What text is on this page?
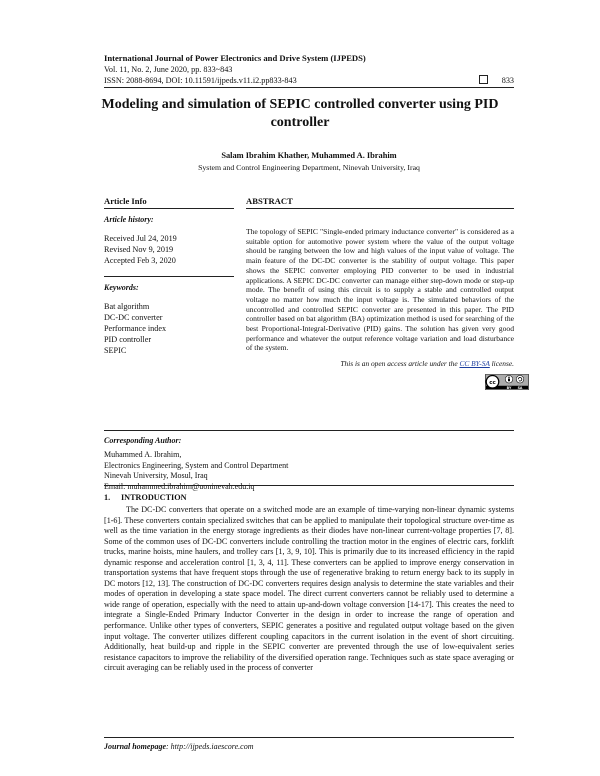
International Journal of Power Electronics and Drive System (IJPEDS)
Vol. 11, No. 2, June 2020, pp. 833~843
ISSN: 2088-8694, DOI: 10.11591/ijpeds.v11.i2.pp833-843	833
Modeling and simulation of SEPIC controlled converter using PID controller
Salam Ibrahim Khather, Muhammed A. Ibrahim
System and Control Engineering Department, Ninevah University, Iraq
Article Info
Article history:
Received Jul 24, 2019
Revised Nov 9, 2019
Accepted Feb 3, 2020
Keywords:
Bat algorithm
DC-DC converter
Performance index
PID controller
SEPIC
ABSTRACT
The topology of SEPIC "Single-ended primary inductance converter" is considered as a suitable option for automotive power system where the value of the output voltage should be ranging between the low and high values of the input value of voltage. The main feature of the DC-DC converter is the stability of output voltage. This paper shows the SEPIC converter employing PID converter to be used in industrial applications. A SEPIC DC-DC converter can manage either step-down mode or step-up mode. The benefit of using this circuit is to supply a stable and controlled output voltage no matter how much the input voltage is. The simulated behaviors of the uncontrolled and controlled SEPIC converter are presented in this paper. The PID controller based on bat algorithm (BA) optimization method is used for searching of the best Proportional-Integral-Derivative (PID) gains. The solution has given very good performance and whatever the output reference voltage variation and load disturbance of the system.
This is an open access article under the CC BY-SA license.
cc
BY SA
Corresponding Author:
Muhammed A. Ibrahim,
Electronics Engineering, System and Control Department
Ninevah University, Mosul, Iraq
Email: muhammed.ibrahim@uoninevah.edu.iq
1. INTRODUCTION
The DC-DC converters that operate on a switched mode are an example of time-varying non-linear dynamic systems [1-6]. These converters contain specialized switches that can be applied to manipulate their topological structure over-time as well as the time variation in the energy storage ingredients as their diodes have non-linear current-voltage properties [7, 8]. Some of the common uses of DC-DC converters include controlling the traction motor in the engines of electric cars, forklift trucks, marine hoists, mine haulers, and trolley cars [1, 3, 9, 10]. This is primarily due to its increased efficiency in the rapid dynamic response and acceleration control [1, 3, 4, 11]. These converters can be applied to improve energy conservation in transportation systems that have frequent stops through the use of regenerative braking to return energy back to its supply in DC motors [12, 13]. The construction of DC-DC converters requires design analysis to determine the state variables and their modes of operation in developing a state space model. The direct current converters cannot be reliably used to determine a wide range of operation, especially with the need to attain up-and-down voltage conversion [14-17]. This creates the need to integrate a Single-Ended Primary Inductor Converter in the design in order to increase the range of operation and performance. Unlike other types of converters, SEPIC generates a positive and regulated output voltage based on the given input voltage. The converter utilizes different coupling capacitors in the current isolation in the event of short circuiting. Additionally, heat build-up and ripple in the SEPIC converter are prevented through the use of low-equivalent series resistance capacitors to improve the reliability of the diversified operation range. Techniques such as state space averaging or circuit averaging can be reliably used in the process of converter
Journal homepage: http://ijpeds.iaescore.com
